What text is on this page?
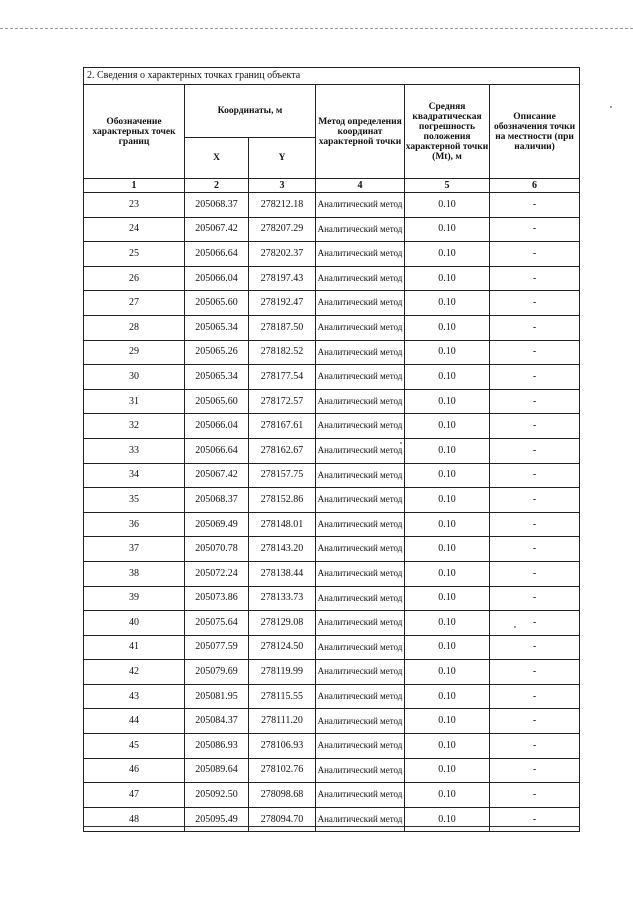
2. Сведения о характерных точках границ объекта					
Обозначение характерных точек границ	Координаты, м		Метод определения координат характерной точки	Средняя квадратическая погрешность положения характерной точки (Mt), м	Описание обозначения точки на местности (при наличии)
	X	Y			
1	2	3	4	5	6
23	205068.37	278212.18	Аналитический метод	0.10	-
24	205067.42	278207.29	Аналитический метод	0.10	-
25	205066.64	278202.37	Аналитический метод	0.10	-
26	205066.04	278197.43	Аналитический метод	0.10	-
27	205065.60	278192.47	Аналитический метод	0.10	-
28	205065.34	278187.50	Аналитический метод	0.10	-
29	205065.26	278182.52	Аналитический метод	0.10	-
30	205065.34	278177.54	Аналитический метод	0.10	-
31	205065.60	278172.57	Аналитический метод	0.10	-
32	205066.04	278167.61	Аналитический метод	0.10	-
33	205066.64	278162.67	Аналитический метод	0.10	-
34	205067.42	278157.75	Аналитический метод	0.10	-
35	205068.37	278152.86	Аналитический метод	0.10	-
36	205069.49	278148.01	Аналитический метод	0.10	-
37	205070.78	278143.20	Аналитический метод	0.10	-
38	205072.24	278138.44	Аналитический метод	0.10	-
39	205073.86	278133.73	Аналитический метод	0.10	-
40	205075.64	278129.08	Аналитический метод	0.10	-
41	205077.59	278124.50	Аналитический метод	0.10	-
42	205079.69	278119.99	Аналитический метод	0.10	-
43	205081.95	278115.55	Аналитический метод	0.10	-
44	205084.37	278111.20	Аналитический метод	0.10	-
45	205086.93	278106.93	Аналитический метод	0.10	-
46	205089.64	278102.76	Аналитический метод	0.10	-
47	205092.50	278098.68	Аналитический метод	0.10	-
48	205095.49	278094.70	Аналитический метод	0.10	-
